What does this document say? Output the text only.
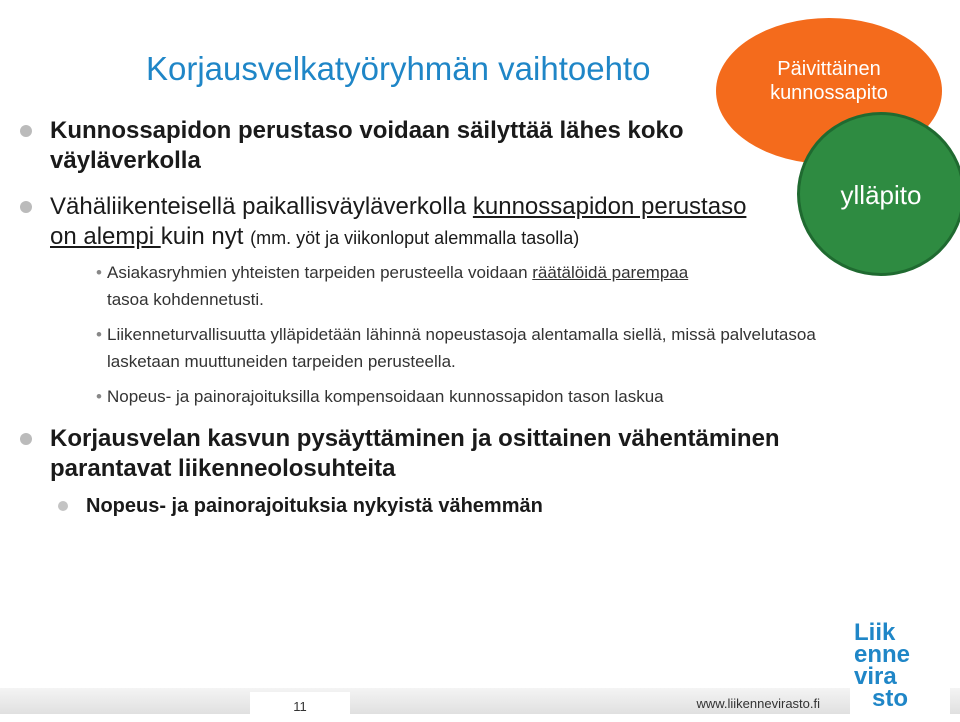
Korjausvelkatyöryhmän vaihtoehto	Päivittäinen
kunnossapito
ylläpito
Kunnossapidon perustaso voidaan säilyttää lähes koko
väyläverkolla
Vähäliikenteisellä paikallisväyläverkolla kunnossapidon perustaso on alempi kuin nyt (mm. yöt ja viikonloput alemmalla tasolla)
• Asiakasryhmien yhteisten tarpeiden perusteella voidaan räätälöidä parempaa
tasoa kohdennetusti.
• Liikenneturvallisuutta ylläpidetään lähinnä nopeustasoja alentamalla siellä, missä palvelutasoa lasketaan muuttuneiden tarpeiden perusteella.
• Nopeus- ja painorajoituksilla kompensoidaan kunnossapidon tason laskua
Korjausvelan kasvun pysäyttäminen ja osittainen vähentäminen
parantavat liikenneolosuhteita
Nopeus- ja painorajoituksia nykyistä vähemmän
11	www.liikennevirasto.fi
Liik
enne
vira
sto
